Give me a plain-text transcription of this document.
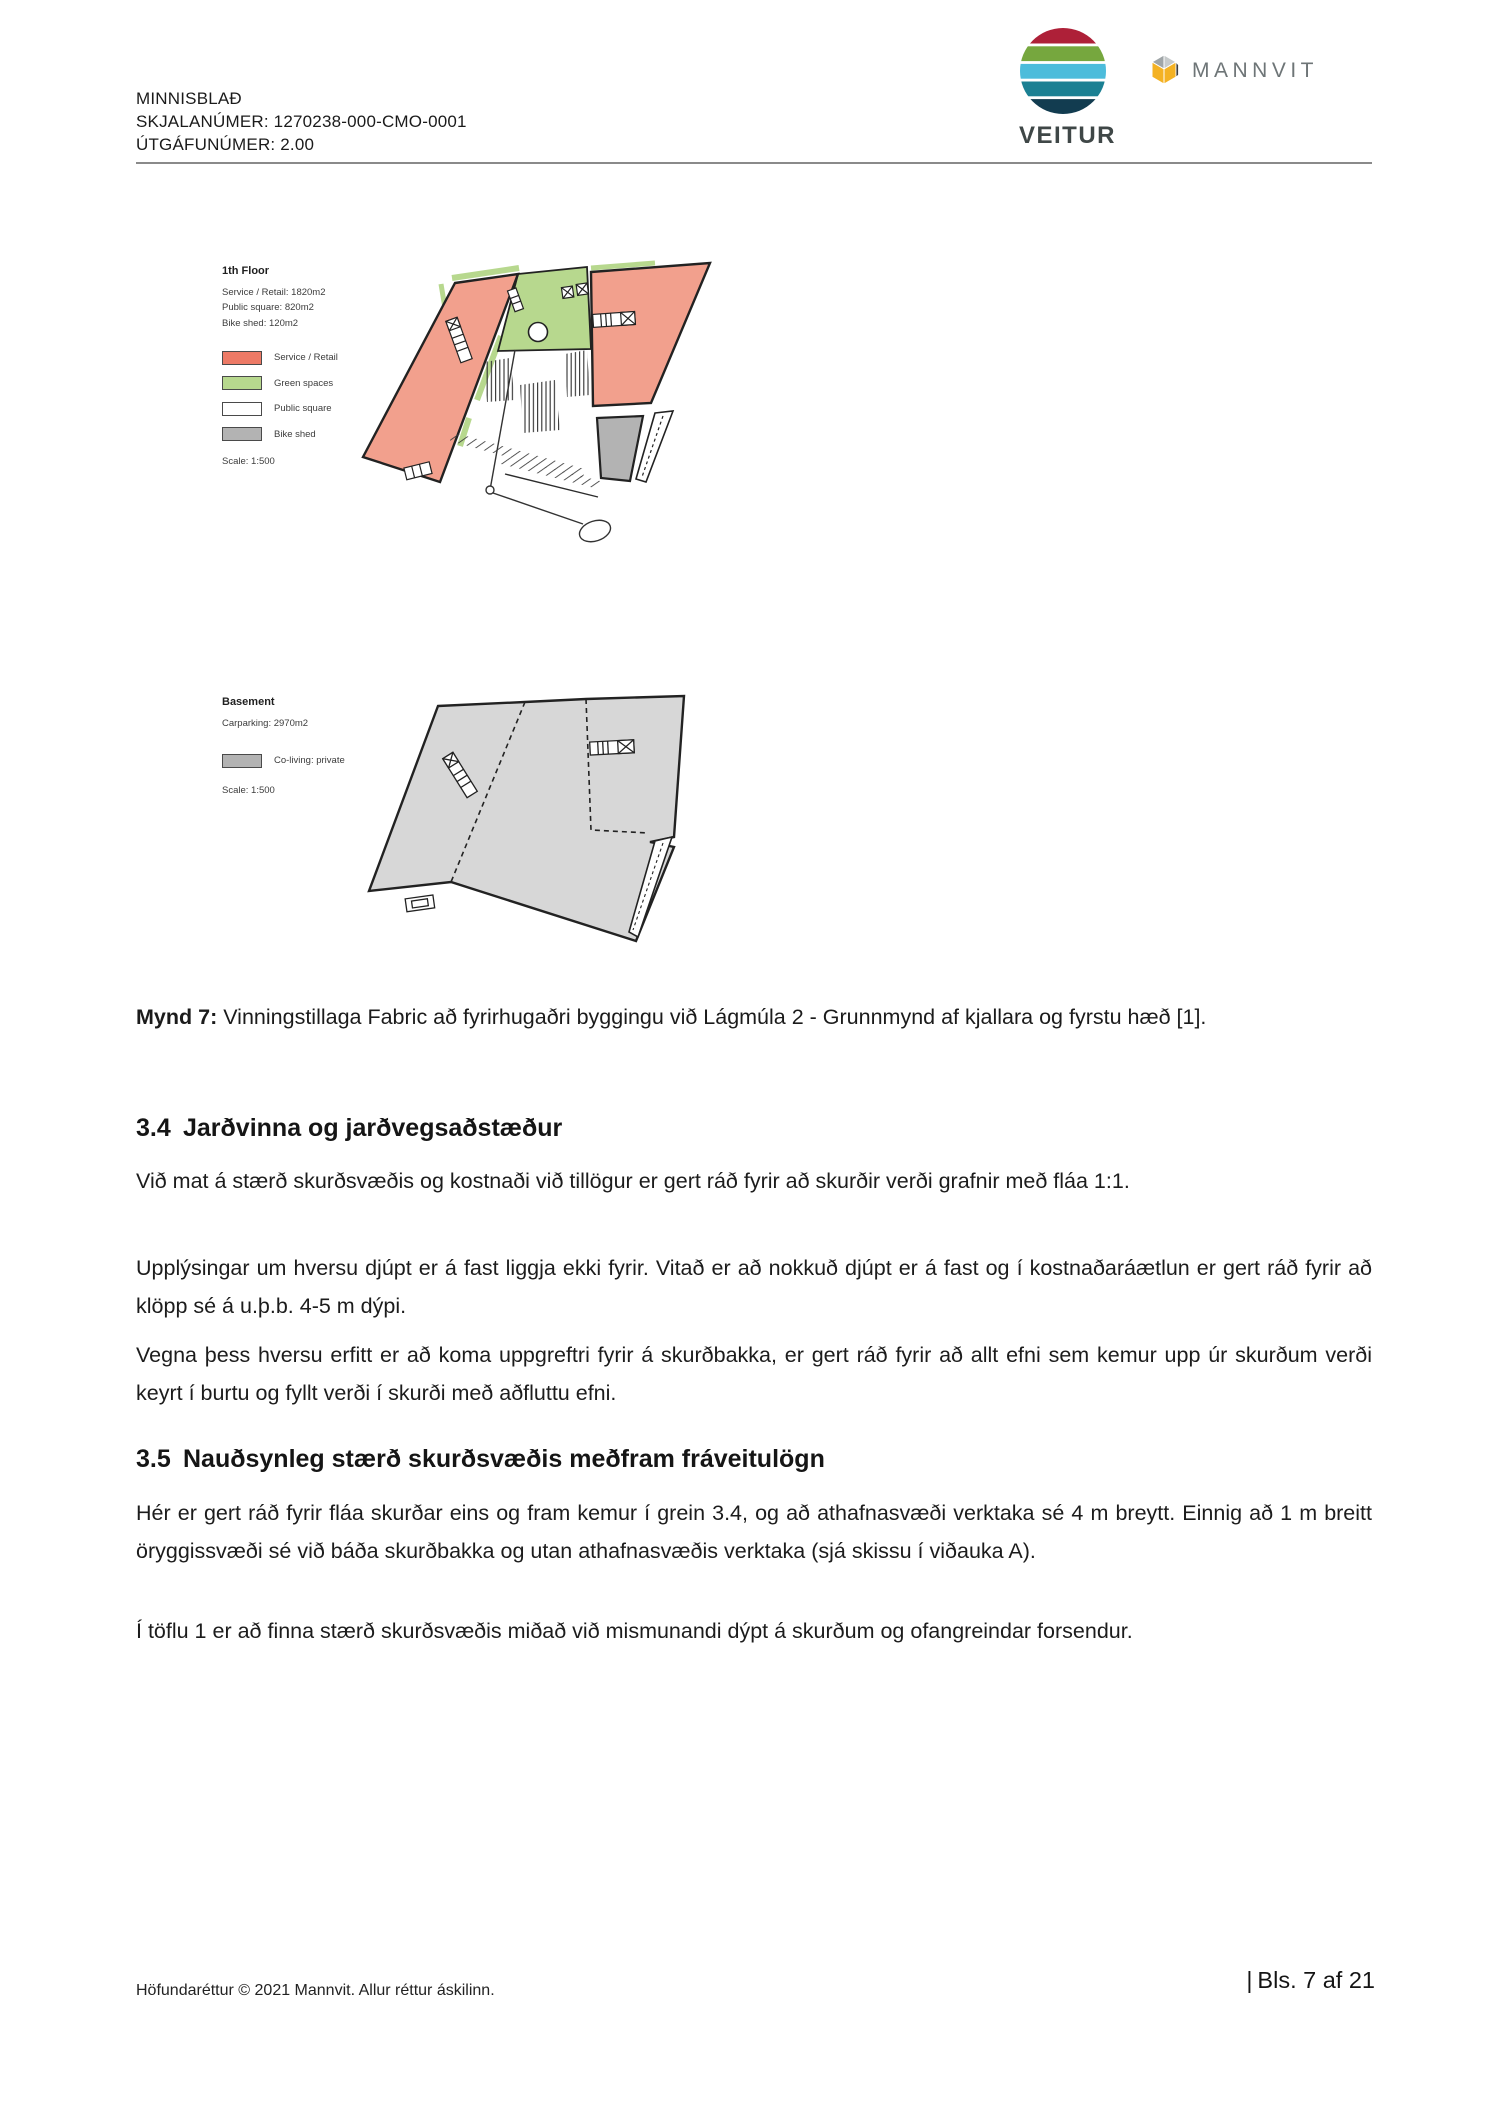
MINNISBLAÐ
SKJALANÚMER: 1270238-000-CMO-0001
ÚTGÁFUNÚMER: 2.00	VEITUR
MANNVIT
1th Floor
Service / Retail: 1820m2
Public square: 820m2
Bike shed: 120m2
Service / Retail
Green spaces
Public square
Bike shed
Scale: 1:500
Basement
Carparking: 2970m2
Co-living: private
Scale: 1:500
Mynd 7: Vinningstillaga Fabric að fyrirhugaðri byggingu við Lágmúla 2 - Grunnmynd af kjallara og fyrstu hæð [1].
3.4 Jarðvinna og jarðvegsaðstæður
Við mat á stærð skurðsvæðis og kostnaði við tillögur er gert ráð fyrir að skurðir verði grafnir með fláa 1:1.
Upplýsingar um hversu djúpt er á fast liggja ekki fyrir. Vitað er að nokkuð djúpt er á fast og í kostnaðaráætlun er gert ráð fyrir að klöpp sé á u.þ.b. 4-5 m dýpi.
Vegna þess hversu erfitt er að koma uppgreftri fyrir á skurðbakka, er gert ráð fyrir að allt efni sem kemur upp úr skurðum verði keyrt í burtu og fyllt verði í skurði með aðfluttu efni.
3.5 Nauðsynleg stærð skurðsvæðis meðfram fráveitulögn
Hér er gert ráð fyrir fláa skurðar eins og fram kemur í grein 3.4, og að athafnasvæði verktaka sé 4 m breytt. Einnig að 1 m breitt öryggissvæði sé við báða skurðbakka og utan athafnasvæðis verktaka (sjá skissu í viðauka A).
Í töflu 1 er að finna stærð skurðsvæðis miðað við mismunandi dýpt á skurðum og ofangreindar forsendur.
Höfundaréttur © 2021 Mannvit. Allur réttur áskilinn.	| Bls. 7 af 21
